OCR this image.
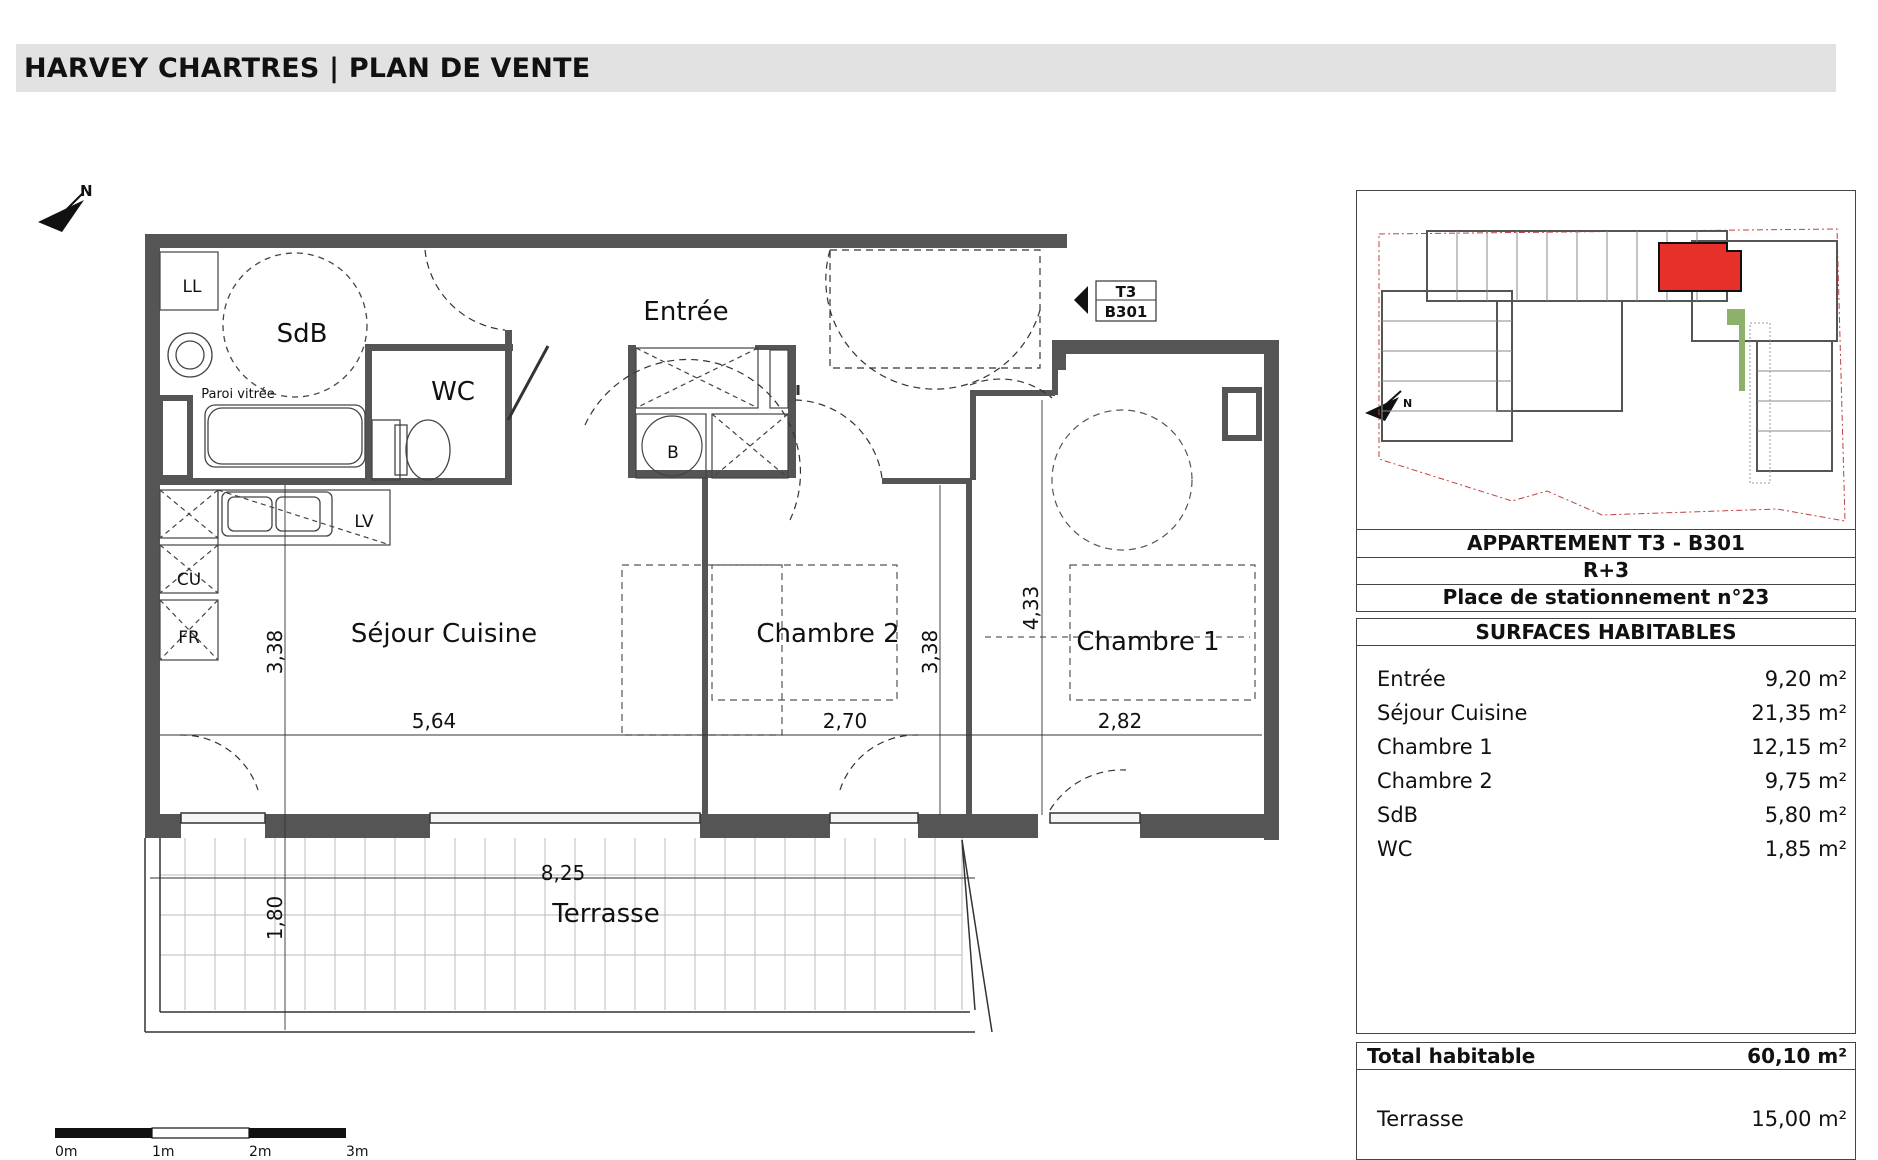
HARVEY CHARTRES | PLAN DE VENTE
N
0m	1m	2m	3m
T3
B301
Entrée
SdB
WC
Séjour Cuisine	Chambre 2	Chambre 1
Terrasse
LL
Paroi vitrée
LV
CU
FR
B
5,64	2,70	2,82
8,25
3,38	3,38
4,33
1,80
N
APPARTEMENT T3 - B301
R+3
Place de stationnement n°23
SURFACES HABITABLES
Entrée	9,20 m²
Séjour Cuisine	21,35 m²
Chambre 1	12,15 m²
Chambre 2	9,75 m²
SdB	5,80 m²
WC	1,85 m²
Total habitable	60,10 m²
Terrasse	15,00 m²
